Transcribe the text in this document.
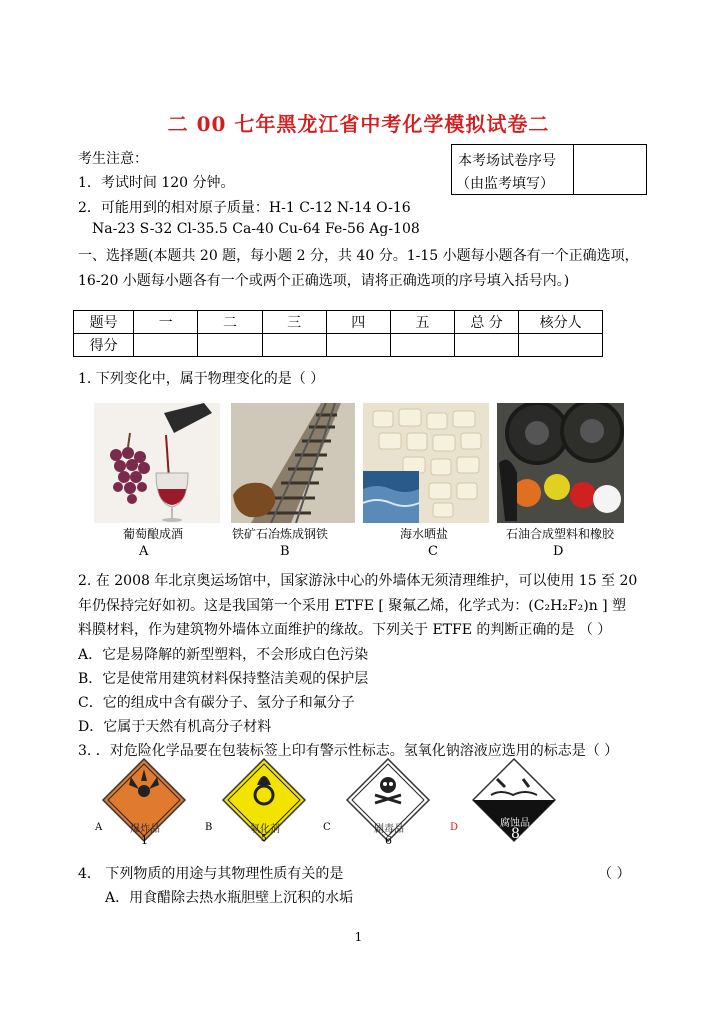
二 00 七年黑龙江省中考化学模拟试卷二
考生注意：
1．考试时间 120 分钟。
2．可能用到的相对原子质量：H-1 C-12 N-14 O-16
Na-23 S-32 Cl-35.5 Ca-40 Cu-64 Fe-56 Ag-108
本考场试卷序号
（由监考填写）
一、选择题(本题共 20 题，每小题 2 分，共 40 分。1-15 小题每小题各有一个正确选项，
16-20 小题每小题各有一个或两个正确选项，请将正确选项的序号填入括号内。)
题号	一	二	三	四	五	总 分	核分人
得分							
1. 下列变化中，属于物理变化的是（ ）
葡萄酿成酒	铁矿石冶炼成钢铁	海水晒盐	石油合成塑料和橡胶
A	B	C	D
2. 在 2008 年北京奥运场馆中，国家游泳中心的外墙体无须清理维护，可以使用 15 至 20
年仍保持完好如初。这是我国第一个采用 ETFE [ 聚氟乙烯，化学式为：(C₂H₂F₂)n ] 塑
料膜材料，作为建筑物外墙体立面维护的缘故。下列关于 ETFE 的判断正确的是 （ ）
A．它是易降解的新型塑料，不会形成白色污染
B．它是使常用建筑材料保持整洁美观的保护层
C．它的组成中含有碳分子、氢分子和氟分子
D．它属于天然有机高分子材料
3. ．对危险化学品要在包装标签上印有警示性标志。氢氧化钠溶液应选用的标志是（ ）
爆炸品	氧化剂	剧毒品
腐蚀品
1	5	6	8
A	B	C	D
4． 下列物质的用途与其物理性质有关的是	（ ）
A．用食醋除去热水瓶胆壁上沉积的水垢
1
